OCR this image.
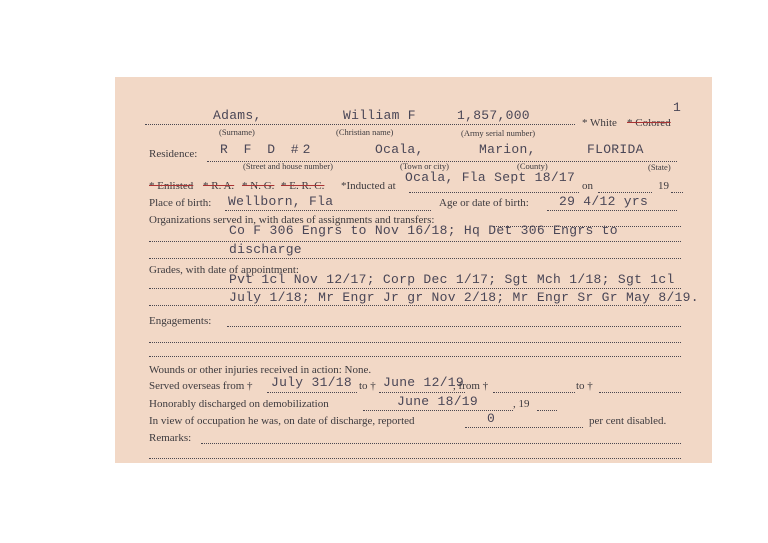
Adams,	William F	1,857,000
(Surname)	(Christian name)	(Army serial number)
* White * Colored
1
Residence: R F D #2	Ocala,	Marion,	FLORIDA
(Street and house number)	(Town or city)	(County)	(State)
Ocala, Fla Sept 18/17
* Enlisted * R. A. * N. G. * E. R. C. *Inducted at	on	19
Place of birth: Wellborn, Fla	Age or date of birth: 29 4/12 yrs
Organizations served in, with dates of assignments and transfers:
Co F 306 Engrs to Nov 16/18; Hq Det 306 Engrs to
discharge
Grades, with date of appointment:
Pvt 1cl Nov 12/17; Corp Dec 1/17; Sgt Mch 1/18; Sgt 1cl
July 1/18; Mr Engr Jr gr Nov 2/18; Mr Engr Sr Gr May 8/19.
Engagements:
Wounds or other injuries received in action: None.
Served overseas from † July 31/18 to † June 12/19
, from †	to †
Honorably discharged on demobilization	June 18/19	, 19
In view of occupation he was, on date of discharge, reported	0	per cent disabled.
Remarks:
